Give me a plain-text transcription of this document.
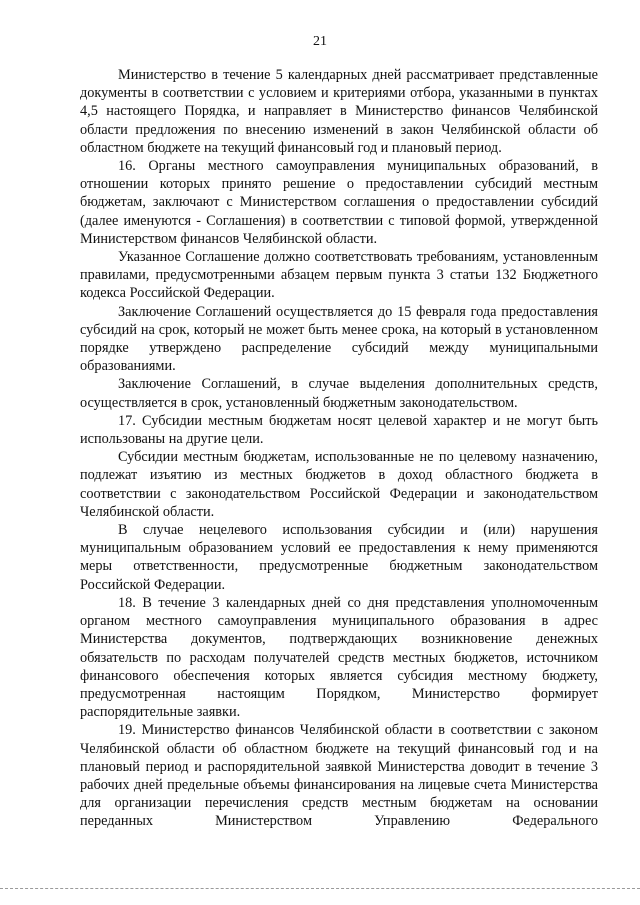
21

Министерство в течение 5 календарных дней рассматривает представленные документы в соответствии с условием и критериями отбора, указанными в пунктах 4,5 настоящего Порядка, и направляет в Министерство финансов Челябинской области предложения по внесению изменений в закон Челябинской области об областном бюджете на текущий финансовый год и плановый период.

16. Органы местного самоуправления муниципальных образований, в отношении которых принято решение о предоставлении субсидий местным бюджетам, заключают с Министерством соглашения о предоставлении субсидий (далее именуются - Соглашения) в соответствии с типовой формой, утвержденной Министерством финансов Челябинской области.

Указанное Соглашение должно соответствовать требованиям, установленным правилами, предусмотренными абзацем первым пункта 3 статьи 132 Бюджетного кодекса Российской Федерации.

Заключение Соглашений осуществляется до 15 февраля года предоставления субсидий на срок, который не может быть менее срока, на который в установленном порядке утверждено распределение субсидий между муниципальными образованиями.

Заключение Соглашений, в случае выделения дополнительных средств, осуществляется в срок, установленный бюджетным законодательством.

17. Субсидии местным бюджетам носят целевой характер и не могут быть использованы на другие цели.

Субсидии местным бюджетам, использованные не по целевому назначению, подлежат изъятию из местных бюджетов в доход областного бюджета в соответствии с законодательством Российской Федерации и законодательством Челябинской области.

В случае нецелевого использования субсидии и (или) нарушения муниципальным образованием условий ее предоставления к нему применяются меры ответственности, предусмотренные бюджетным законодательством Российской Федерации.

18. В течение 3 календарных дней со дня представления уполномоченным органом местного самоуправления муниципального образования в адрес Министерства документов, подтверждающих возникновение денежных обязательств по расходам получателей средств местных бюджетов, источником финансового обеспечения которых является субсидия местному бюджету, предусмотренная настоящим Порядком, Министерство формирует распорядительные заявки.

19. Министерство финансов Челябинской области в соответствии с законом Челябинской области об областном бюджете на текущий финансовый год и на плановый период и распорядительной заявкой Министерства доводит в течение 3 рабочих дней предельные объемы финансирования на лицевые счета Министерства для организации перечисления средств местным бюджетам на основании переданных Министерством Управлению Федерального
